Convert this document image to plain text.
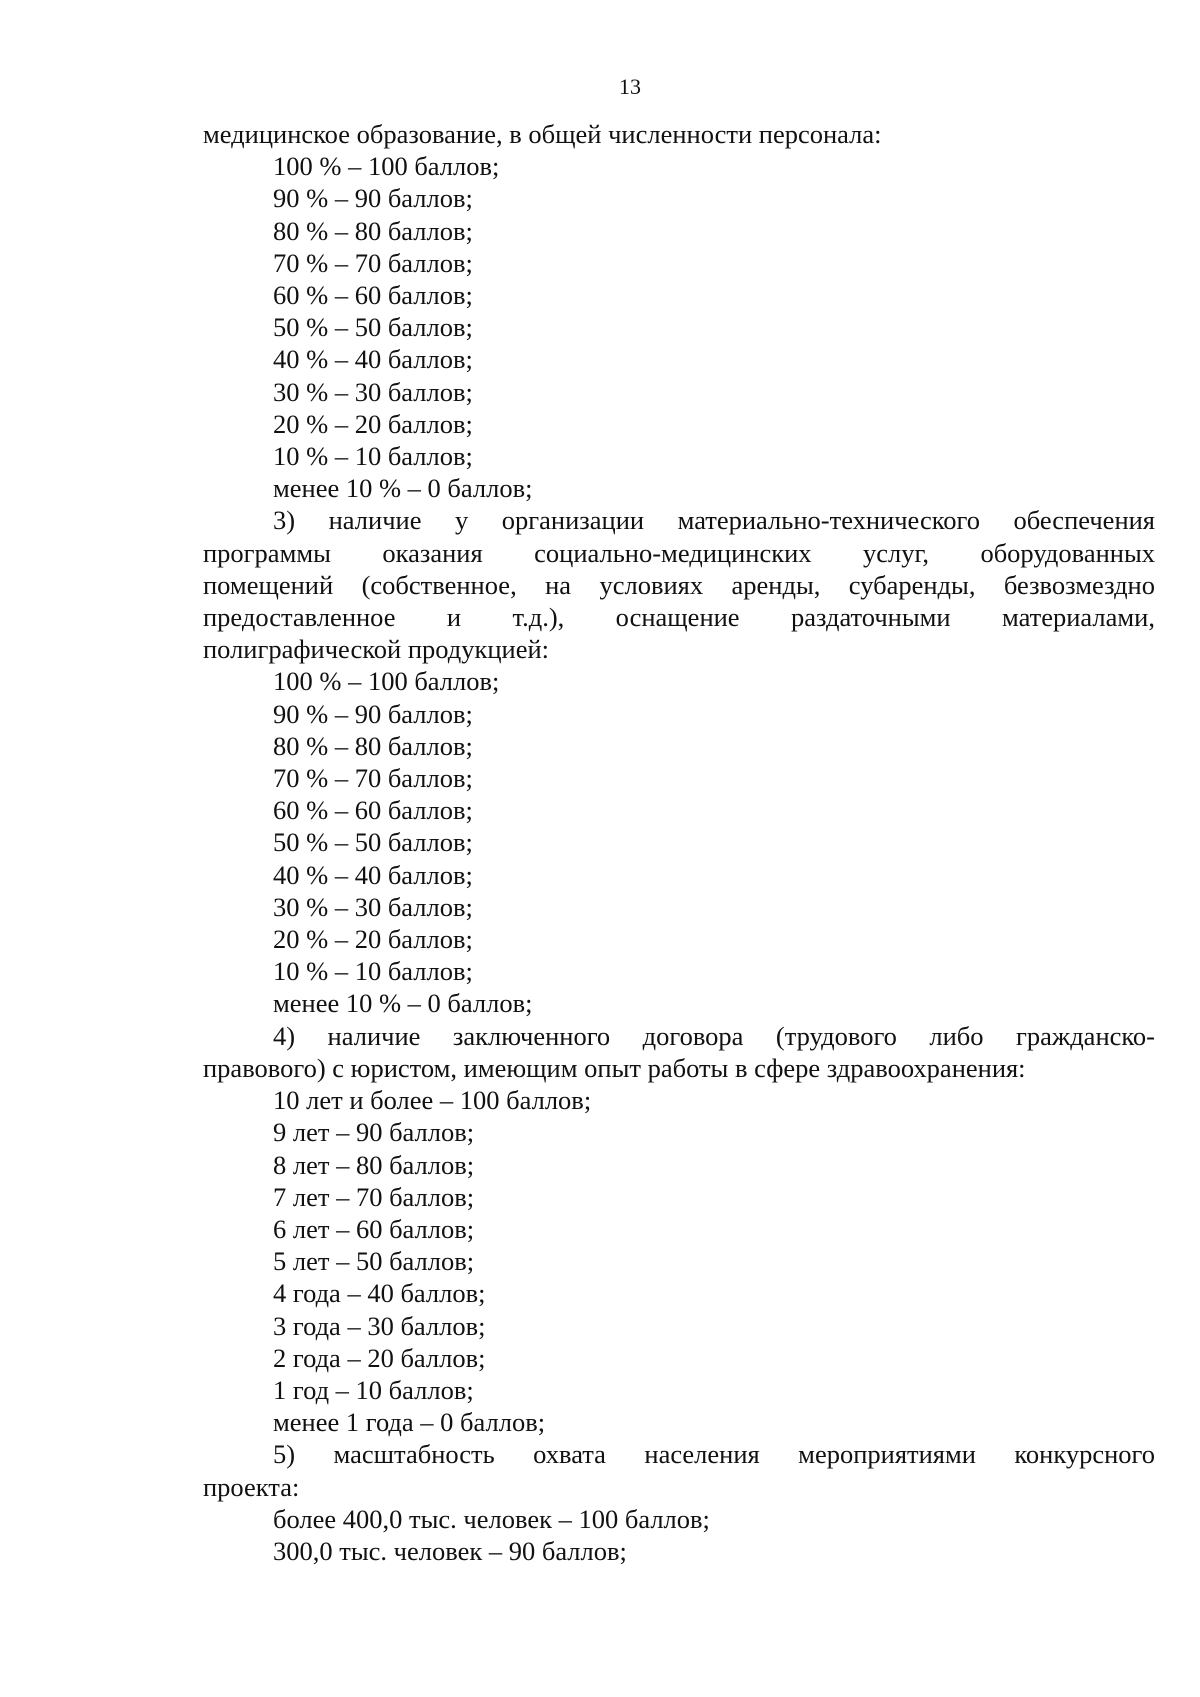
13
медицинское образование, в общей численности персонала:
100 % – 100 баллов;
90 % – 90 баллов;
80 % – 80 баллов;
70 % – 70 баллов;
60 % – 60 баллов;
50 % – 50 баллов;
40 % – 40 баллов;
30 % – 30 баллов;
20 % – 20 баллов;
10 % – 10 баллов;
менее 10 % – 0 баллов;
3) наличие у организации материально-технического обеспечения
программы оказания социально-медицинских услуг, оборудованных
помещений (собственное, на условиях аренды, субаренды, безвозмездно
предоставленное и т.д.), оснащение раздаточными материалами,
полиграфической продукцией:
100 % – 100 баллов;
90 % – 90 баллов;
80 % – 80 баллов;
70 % – 70 баллов;
60 % – 60 баллов;
50 % – 50 баллов;
40 % – 40 баллов;
30 % – 30 баллов;
20 % – 20 баллов;
10 % – 10 баллов;
менее 10 % – 0 баллов;
4) наличие заключенного договора (трудового либо гражданско-
правового) с юристом, имеющим опыт работы в сфере здравоохранения:
10 лет и более – 100 баллов;
9 лет – 90 баллов;
8 лет – 80 баллов;
7 лет – 70 баллов;
6 лет – 60 баллов;
5 лет – 50 баллов;
4 года – 40 баллов;
3 года – 30 баллов;
2 года – 20 баллов;
1 год – 10 баллов;
менее 1 года – 0 баллов;
5) масштабность охвата населения мероприятиями конкурсного
проекта:
более 400,0 тыс. человек – 100 баллов;
300,0 тыс. человек – 90 баллов;
